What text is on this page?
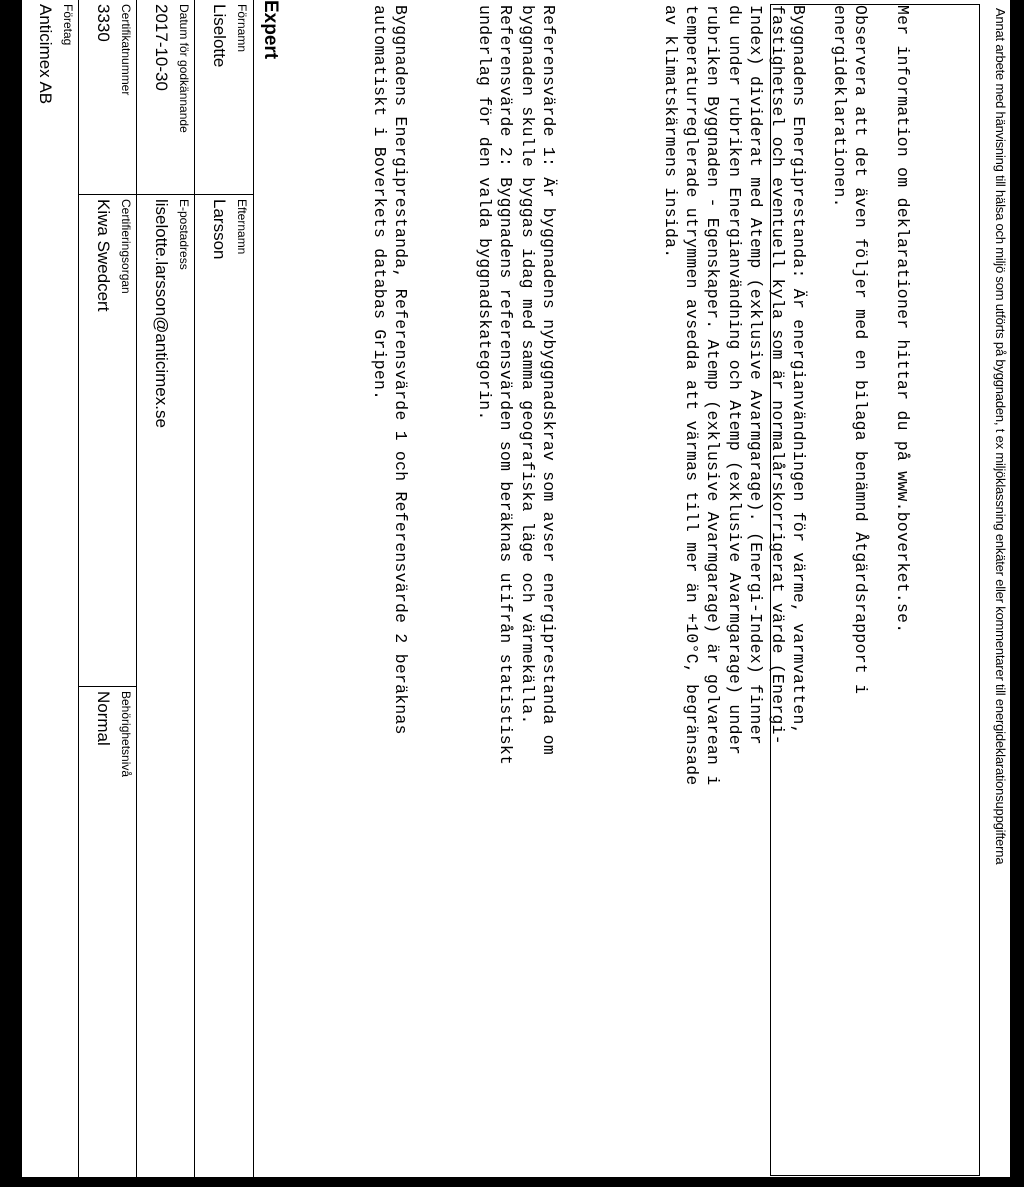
Annat arbete med hänvisning till hälsa och miljö som utförts på byggnaden, t ex miljöklassning enkäter eller kommentarer till energideklarationsuppgifterna
Mer information om deklarationer hittar du på www.boverket.se.
Observera att det även följer med en bilaga benämnd Åtgärdsrapport i
energideklarationen.
Byggnadens Energiprestanda: Är energianvändningen för värme, varmvatten,
fastighetsel och eventuell kyla som är normalårskorrigerat värde (Energi-
Index) dividerat med Atemp (exklusive Avarmgarage). (Energi-Index) finner
du under rubriken Energianvändning och Atemp (exklusive Avarmgarage) under
rubriken Byggnaden - Egenskaper. Atemp (exklusive Avarmgarage) är golvarean i
temperaturreglerade utrymmen avsedda att värmas till mer än +10°C, begränsade
av klimatskärmens insida.
Referensvärde 1: Är byggnadens nybyggnadskrav som avser energiprestanda om
byggnaden skulle byggas idag med samma geografiska läge och värmekälla.
Referensvärde 2: Byggnadens referensvärden som beräknas utifrån statistiskt
underlag för den valda byggnadskategorin.
Byggnadens Energiprestanda, Referensvärde 1 och Referensvärde 2 beräknas
automatiskt i Boverkets databas Gripen.
Expert
Förnamn
Liselotte
Efternamn
Larsson
Datum för godkännande
2017-10-30
E-postadress
liselotte.larsson@anticimex.se
Certifikatnummer
3330
Certifieringsorgan
Kiwa Swedcert
Behörighetsnivå
Normal
Företag
Anticimex AB
